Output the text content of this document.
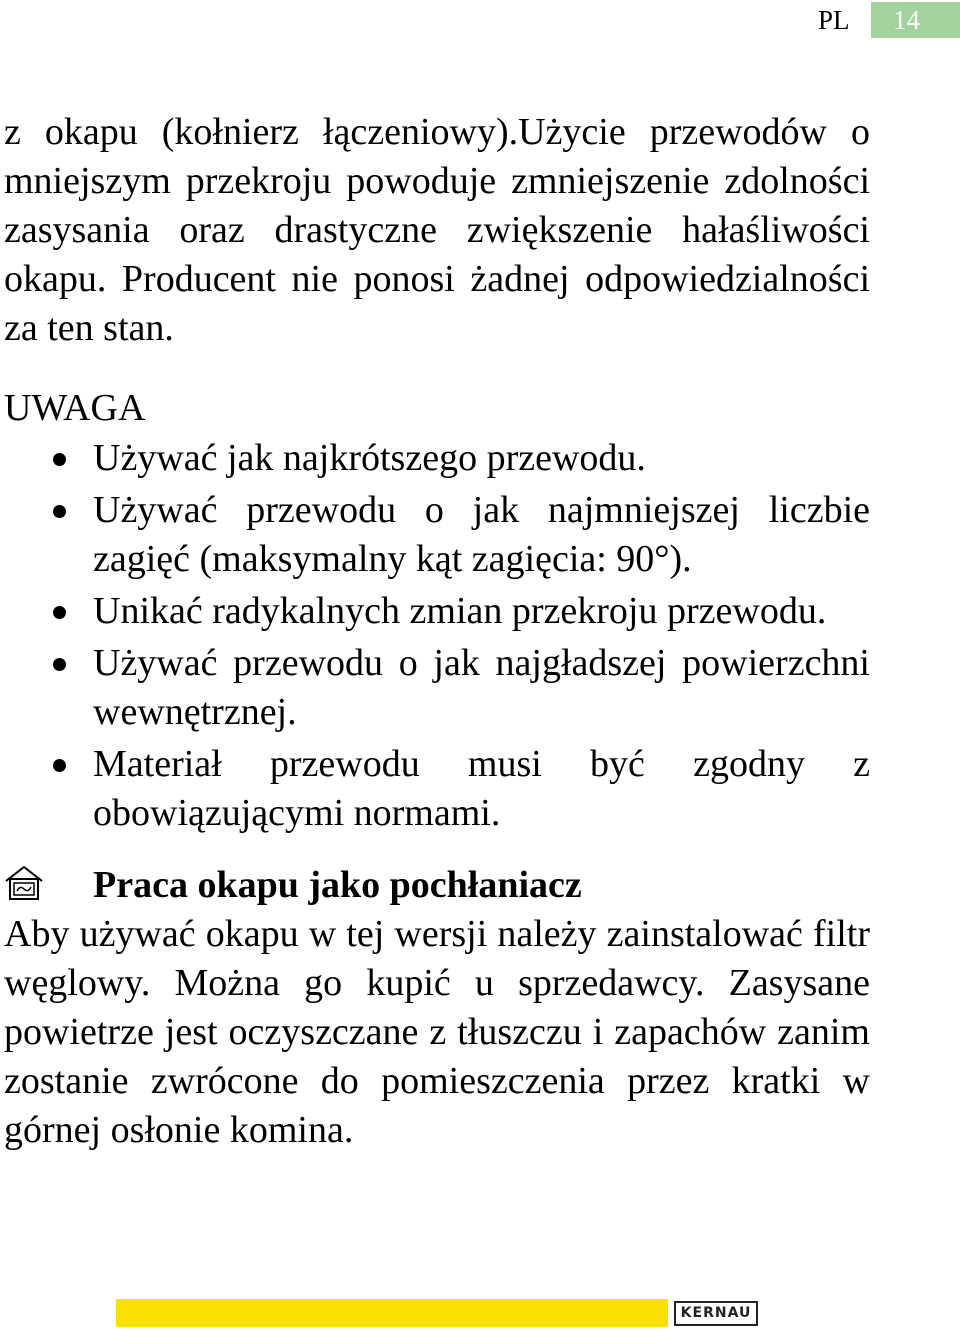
PL	14

z okapu (kołnierz łączeniowy).Użycie przewodów o mniejszym przekroju powoduje zmniejszenie zdolności zasysania oraz drastyczne zwiększenie hałaśliwości okapu. Producent nie ponosi żadnej odpowiedzialności za ten stan.

UWAGA
Używać jak najkrótszego przewodu.
Używać przewodu o jak najmniejszej liczbie zagięć (maksymalny kąt zagięcia: 90°).
Unikać radykalnych zmian przekroju przewodu.
Używać przewodu o jak najgładszej powierzchni wewnętrznej.
Materiał przewodu musi być zgodny z obowiązującymi normami.
Praca okapu jako pochłaniacz

Aby używać okapu w tej wersji należy zainstalować filtr węglowy. Można go kupić u sprzedawcy. Zasysane powietrze jest oczyszczane z tłuszczu i zapachów zanim zostanie zwrócone do pomieszczenia przez kratki w górnej osłonie komina.

KERNAU
